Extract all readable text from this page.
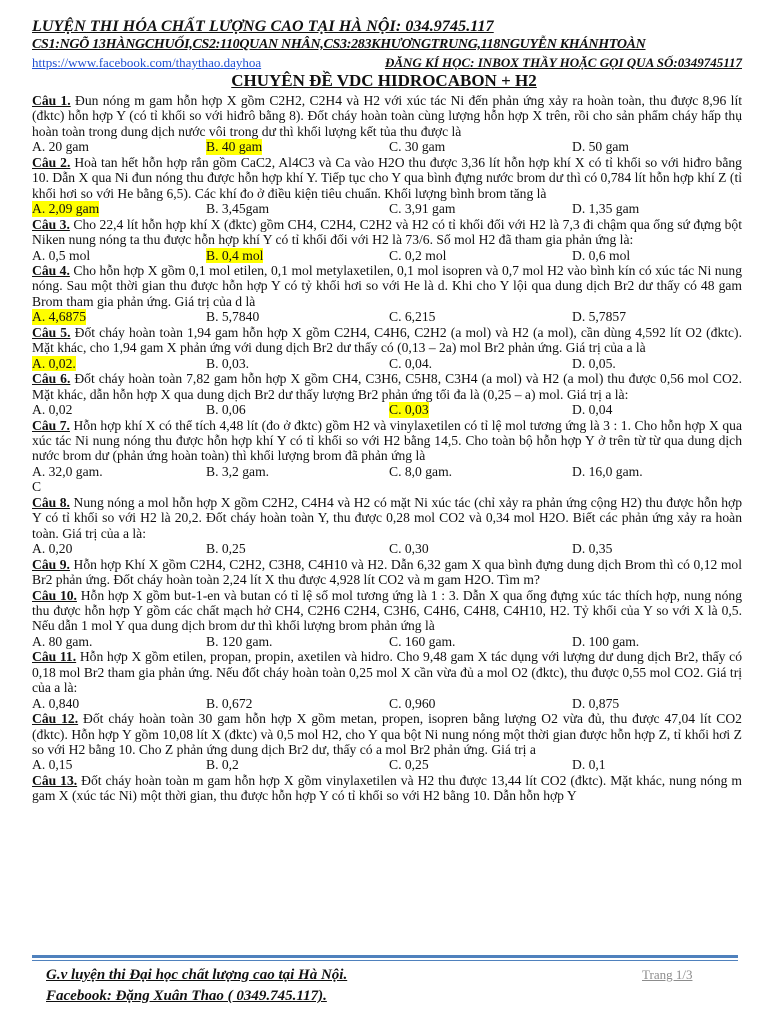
LUYỆN THI HÓA CHẤT LƯỢNG CAO TẠI HÀ NỘI: 034.9745.117
CS1:NGÕ 13HÀNGCHUỐI,CS2:110QUAN NHÂN,CS3:283KHƯƠNGTRUNG,118NGUYỄN KHÁNHTOÀN
https://www.facebook.com/thaythao.dayhoa	ĐĂNG KÍ HỌC: INBOX THẦY HOẶC GỌI QUA SỐ:0349745117
CHUYÊN ĐỀ VDC HIDROCABON + H2
Câu 1. Đun nóng m gam hỗn hợp X gồm C2H2, C2H4 và H2 với xúc tác Ni đến phản ứng xảy ra hoàn toàn, thu được 8,96 lít (đktc) hỗn hợp Y (có tỉ khối so với hiđrô bằng 8). Đốt cháy hoàn toàn cùng lượng hỗn hợp X trên, rồi cho sản phẩm cháy hấp thụ hoàn toàn trong dung dịch nước vôi trong dư thì khối lượng kết tủa thu được là
A. 20 gam	B. 40 gam	C. 30 gam	D. 50 gam
Câu 2. Hoà tan hết hỗn hợp rắn gồm CaC2, Al4C3 và Ca vào H2O thu được 3,36 lít hỗn hợp khí X có tỉ khối so với hiđro bằng 10. Dẫn X qua Ni đun nóng thu được hỗn hợp khí Y. Tiếp tục cho Y qua bình đựng nước brom dư thì có 0,784 lít hỗn hợp khí Z (tỉ khối hơi so với He bằng 6,5). Các khí đo ở điều kiện tiêu chuẩn. Khối lượng bình brom tăng là
A. 2,09 gam	B. 3,45gam	C. 3,91 gam	D. 1,35 gam
Câu 3. Cho 22,4 lít hỗn hợp khí X (đktc) gồm CH4, C2H4, C2H2 và H2 có tỉ khối đối với H2 là 7,3 đi chậm qua ống sứ đựng bột Niken nung nóng ta thu được hỗn hợp khí Y có tỉ khối đối với H2 là 73/6. Số mol H2 đã tham gia phản ứng là:
A. 0,5 mol	B. 0,4 mol	C. 0,2 mol	D. 0,6 mol
Câu 4. Cho hỗn hợp X gồm 0,1 mol etilen, 0,1 mol metylaxetilen, 0,1 mol isopren và 0,7 mol H2 vào bình kín có xúc tác Ni nung nóng. Sau một thời gian thu được hỗn hợp Y có tỷ khối hơi so với He là d. Khi cho Y lội qua dung dịch Br2 dư thấy có 48 gam Brom tham gia phản ứng. Giá trị của d là
A. 4,6875	B. 5,7840	C. 6,215	D. 5,7857
Câu 5. Đốt cháy hoàn toàn 1,94 gam hỗn hợp X gồm C2H4, C4H6, C2H2 (a mol) và H2 (a mol), cần dùng 4,592 lít O2 (đktc). Mặt khác, cho 1,94 gam X phản ứng với dung dịch Br2 dư thấy có (0,13 – 2a) mol Br2 phản ứng. Giá trị của a là
A. 0,02.	B. 0,03.	C. 0,04.	D. 0,05.
Câu 6. Đốt cháy hoàn toàn 7,82 gam hỗn hợp X gồm CH4, C3H6, C5H8, C3H4 (a mol) và H2 (a mol) thu được 0,56 mol CO2. Mặt khác, dẫn hỗn hợp X qua dung dịch Br2 dư thấy lượng Br2 phản ứng tối đa là (0,25 – a) mol. Giá trị a là:
A. 0,02	B. 0,06	C. 0,03	D. 0,04
Câu 7. Hỗn hợp khí X có thể tích 4,48 lít (đo ở đktc) gồm H2 và vinylaxetilen có tỉ lệ mol tương ứng là 3 : 1. Cho hỗn hợp X qua xúc tác Ni nung nóng thu được hỗn hợp khí Y có tỉ khối so với H2 bằng 14,5. Cho toàn bộ hỗn hợp Y ở trên từ từ qua dung dịch nước brom dư (phản ứng hoàn toàn) thì khối lượng brom đã phản ứng là
A. 32,0 gam.	B. 3,2 gam.	C. 8,0 gam.	D. 16,0 gam.
C
Câu 8. Nung nóng a mol hỗn hợp X gồm C2H2, C4H4 và H2 có mặt Ni xúc tác (chỉ xảy ra phản ứng cộng H2) thu được hỗn hợp Y có tỉ khối so với H2 là 20,2. Đốt cháy hoàn toàn Y, thu được 0,28 mol CO2 và 0,34 mol H2O. Biết các phản ứng xảy ra hoàn toàn. Giá trị của a là:
A. 0,20	B. 0,25	C. 0,30	D. 0,35
Câu 9. Hỗn hợp Khí X gồm C2H4, C2H2, C3H8, C4H10 và H2. Dẫn 6,32 gam X qua bình đựng dung dịch Brom thì có 0,12 mol Br2 phản ứng. Đốt cháy hoàn toàn 2,24 lít X thu được 4,928 lít CO2 và m gam H2O. Tìm m?
Câu 10. Hỗn hợp X gồm but-1-en và butan có tỉ lệ số mol tương ứng là 1 : 3. Dẫn X qua ống đựng xúc tác thích hợp, nung nóng thu được hỗn hợp Y gồm các chất mạch hở CH4, C2H6 C2H4, C3H6, C4H6, C4H8, C4H10, H2. Tỷ khối của Y so với X là 0,5. Nếu dẫn 1 mol Y qua dung dịch brom dư thì khối lượng brom phản ứng là
A. 80 gam.	B. 120 gam.	C. 160 gam.	D. 100 gam.
Câu 11. Hỗn hợp X gồm etilen, propan, propin, axetilen và hidro. Cho 9,48 gam X tác dụng với lượng dư dung dịch Br2, thấy có 0,18 mol Br2 tham gia phản ứng. Nếu đốt cháy hoàn toàn 0,25 mol X cần vừa đủ a mol O2 (đktc), thu được 0,55 mol CO2. Giá trị của a là:
A. 0,840	B. 0,672	C. 0,960	D. 0,875
Câu 12. Đốt cháy hoàn toàn 30 gam hỗn hợp X gồm metan, propen, isopren bằng lượng O2 vừa đủ, thu được 47,04 lít CO2 (đktc). Hỗn hợp Y gồm 10,08 lít X (đktc) và 0,5 mol H2, cho Y qua bột Ni nung nóng một thời gian được hỗn hợp Z, tỉ khối hơi Z so với H2 bằng 10. Cho Z phản ứng dung dịch Br2 dư, thấy có a mol Br2 phản ứng. Giá trị a
A. 0,15	B. 0,2	C. 0,25	D. 0,1
Câu 13. Đốt cháy hoàn toàn m gam hỗn hợp X gồm vinylaxetilen và H2 thu được 13,44 lít CO2 (đktc). Mặt khác, nung nóng m gam X (xúc tác Ni) một thời gian, thu được hỗn hợp Y có tỉ khối so với H2 bằng 10. Dẫn hỗn hợp Y
G.v luyện thi Đại học chất lượng cao tại Hà Nội.
Facebook: Đặng Xuân Thao ( 0349.745.117).
Trang 1/3
